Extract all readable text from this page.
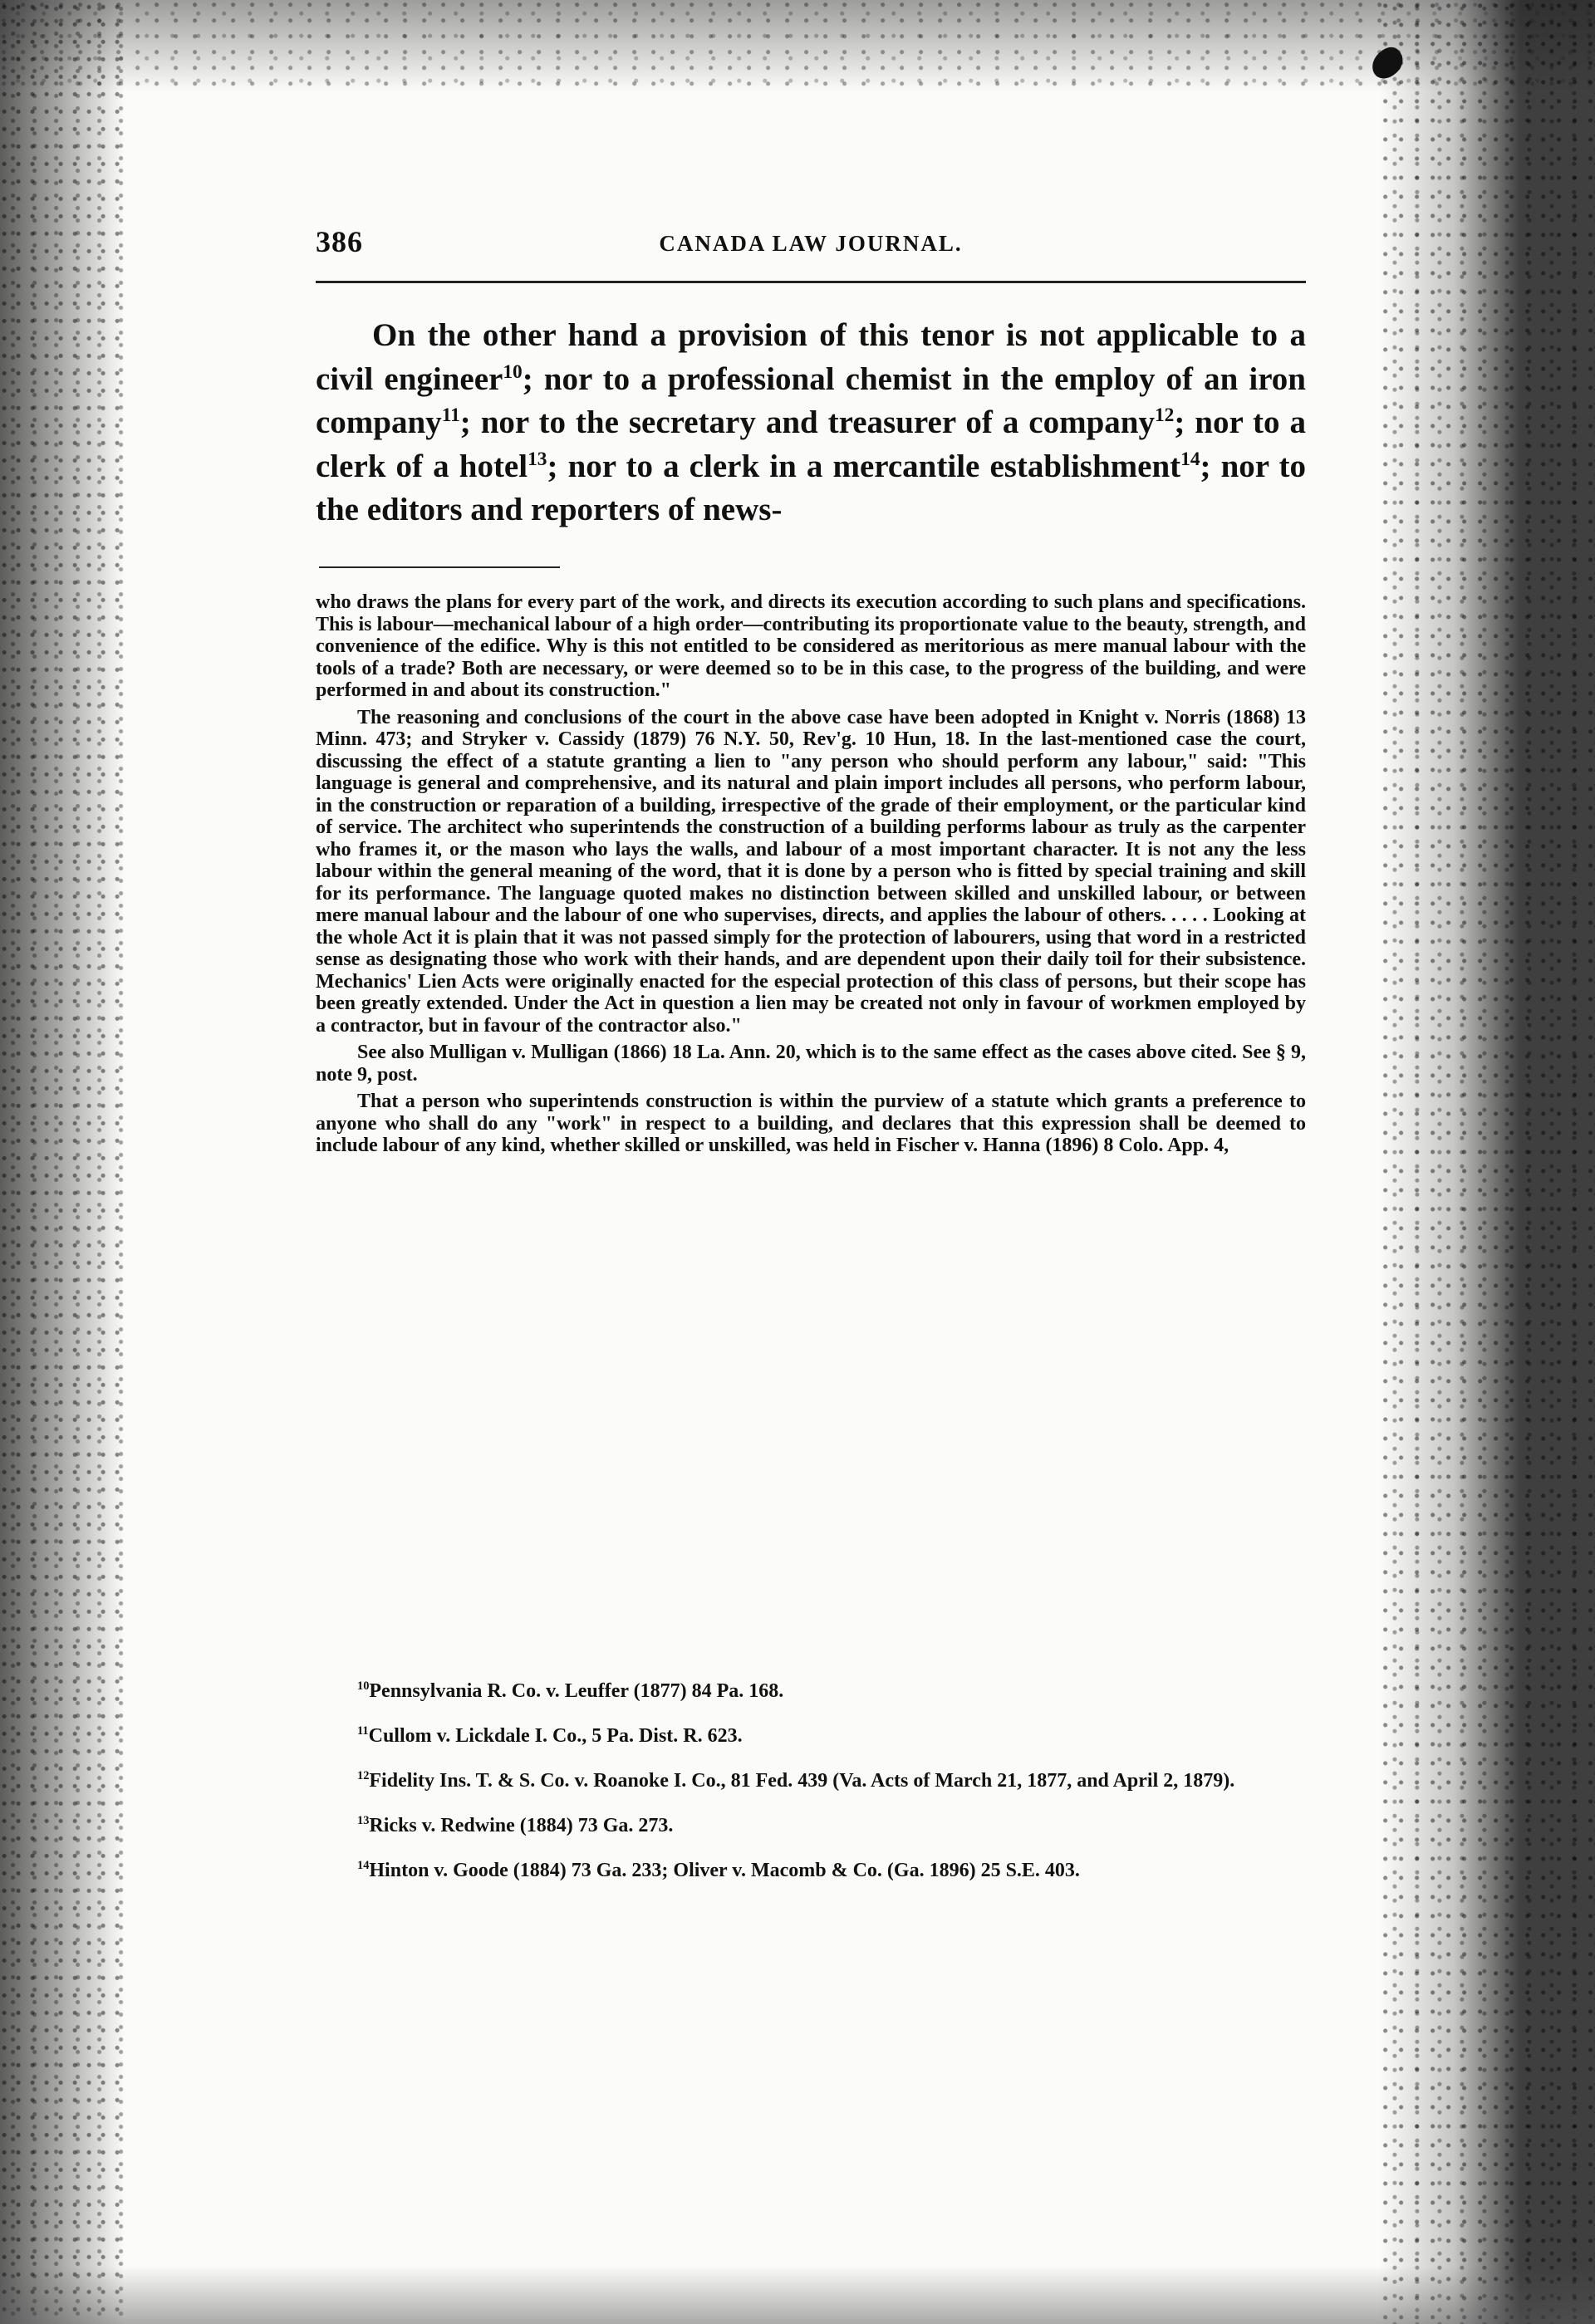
386	CANADA LAW JOURNAL.

On the other hand a provision of this tenor is not applicable to a civil engineer$^{10}$; nor to a professional chemist in the employ of an iron company$^{11}$; nor to the secretary and treasurer of a company$^{12}$; nor to a clerk of a hotel$^{13}$; nor to a clerk in a mercantile establishment$^{14}$; nor to the editors and reporters of news-

who draws the plans for every part of the work, and directs its execution according to such plans and specifications. This is labour—mechanical labour of a high order—contributing its proportionate value to the beauty, strength, and convenience of the edifice. Why is this not entitled to be considered as meritorious as mere manual labour with the tools of a trade? Both are necessary, or were deemed so to be in this case, to the progress of the building, and were performed in and about its construction."

The reasoning and conclusions of the court in the above case have been adopted in Knight v. Norris (1868) 13 Minn. 473; and Stryker v. Cassidy (1879) 76 N.Y. 50, Rev'g. 10 Hun, 18. In the last-mentioned case the court, discussing the effect of a statute granting a lien to "any person who should perform any labour," said: "This language is general and comprehensive, and its natural and plain import includes all persons, who perform labour, in the construction or reparation of a building, irrespective of the grade of their employment, or the particular kind of service. The architect who superintends the construction of a building performs labour as truly as the carpenter who frames it, or the mason who lays the walls, and labour of a most important character. It is not any the less labour within the general meaning of the word, that it is done by a person who is fitted by special training and skill for its performance. The language quoted makes no distinction between skilled and unskilled labour, or between mere manual labour and the labour of one who supervises, directs, and applies the labour of others. . . . . Looking at the whole Act it is plain that it was not passed simply for the protection of labourers, using that word in a restricted sense as designating those who work with their hands, and are dependent upon their daily toil for their subsistence. Mechanics' Lien Acts were originally enacted for the especial protection of this class of persons, but their scope has been greatly extended. Under the Act in question a lien may be created not only in favour of workmen employed by a contractor, but in favour of the contractor also."

See also Mulligan v. Mulligan (1866) 18 La. Ann. 20, which is to the same effect as the cases above cited. See § 9, note 9, post.

That a person who superintends construction is within the purview of a statute which grants a preference to anyone who shall do any "work" in respect to a building, and declares that this expression shall be deemed to include labour of any kind, whether skilled or unskilled, was held in Fischer v. Hanna (1896) 8 Colo. App. 4,

$^{10}$Pennsylvania R. Co. v. Leuffer (1877) 84 Pa. 168.

$^{11}$Cullom v. Lickdale I. Co., 5 Pa. Dist. R. 623.

$^{12}$Fidelity Ins. T. & S. Co. v. Roanoke I. Co., 81 Fed. 439 (Va. Acts of March 21, 1877, and April 2, 1879).

$^{13}$Ricks v. Redwine (1884) 73 Ga. 273.

$^{14}$Hinton v. Goode (1884) 73 Ga. 233; Oliver v. Macomb & Co. (Ga. 1896) 25 S.E. 403.
